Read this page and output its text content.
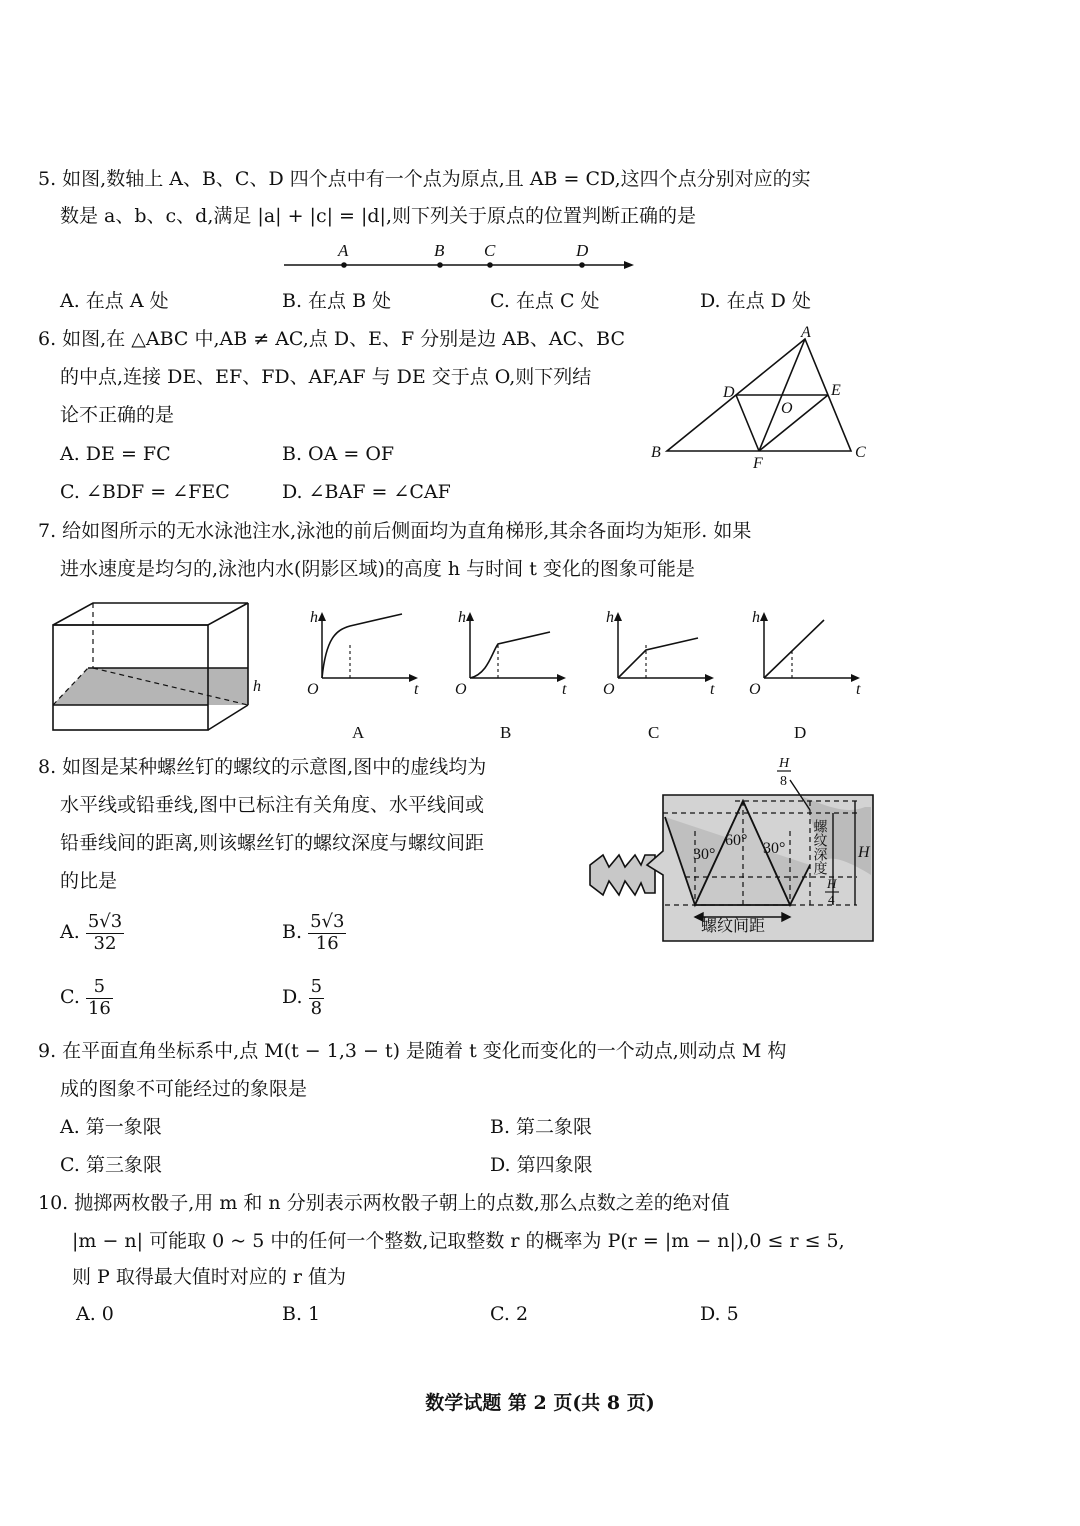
5. 如图,数轴上 A、B、C、D 四个点中有一个点为原点,且 AB = CD,这四个点分别对应的实
数是 a、b、c、d,满足 |a| + |c| = |d|,则下列关于原点的位置判断正确的是
A	B C	D
A. 在点 A 处	B. 在点 B 处	C. 在点 C 处	D. 在点 D 处
6. 如图,在 △ABC 中,AB ≠ AC,点 D、E、F 分别是边 AB、AC、BC
的中点,连接 DE、EF、FD、AF,AF 与 DE 交于点 O,则下列结
论不正确的是
A. DE = FC	B. OA = OF
C. ∠BDF = ∠FEC	D. ∠BAF = ∠CAF
A
B	C
D	E
F
O
7. 给如图所示的无水泳池注水,泳池的前后侧面均为直角梯形,其余各面均为矩形. 如果
进水速度是均匀的,泳池内水(阴影区域)的高度 h 与时间 t 变化的图象可能是
h
h
t
O
A
h
t
O
B
h
t
O
C
h
t
O
D
8. 如图是某种螺丝钉的螺纹的示意图,图中的虚线均为
水平线或铅垂线,图中已标注有关角度、水平线间或
铅垂线间的距离,则该螺丝钉的螺纹深度与螺纹间距
的比是
A. $\frac{5√3}{32}$	B. $\frac{5√3}{16}$
C. $\frac{5}{16}$	D. $\frac{5}{8}$
H
8
30°
60° 30° 螺纹深度 H
H
4
螺纹间距
9. 在平面直角坐标系中,点 M(t − 1,3 − t) 是随着 t 变化而变化的一个动点,则动点 M 构
成的图象不可能经过的象限是
A. 第一象限	B. 第二象限
C. 第三象限	D. 第四象限
10. 抛掷两枚骰子,用 m 和 n 分别表示两枚骰子朝上的点数,那么点数之差的绝对值
|m − n| 可能取 0 ~ 5 中的任何一个整数,记取整数 r 的概率为 P(r = |m − n|),0 ≤ r ≤ 5,
则 P 取得最大值时对应的 r 值为
A. 0	B. 1	C. 2	D. 5
数学试题 第 2 页(共 8 页)
